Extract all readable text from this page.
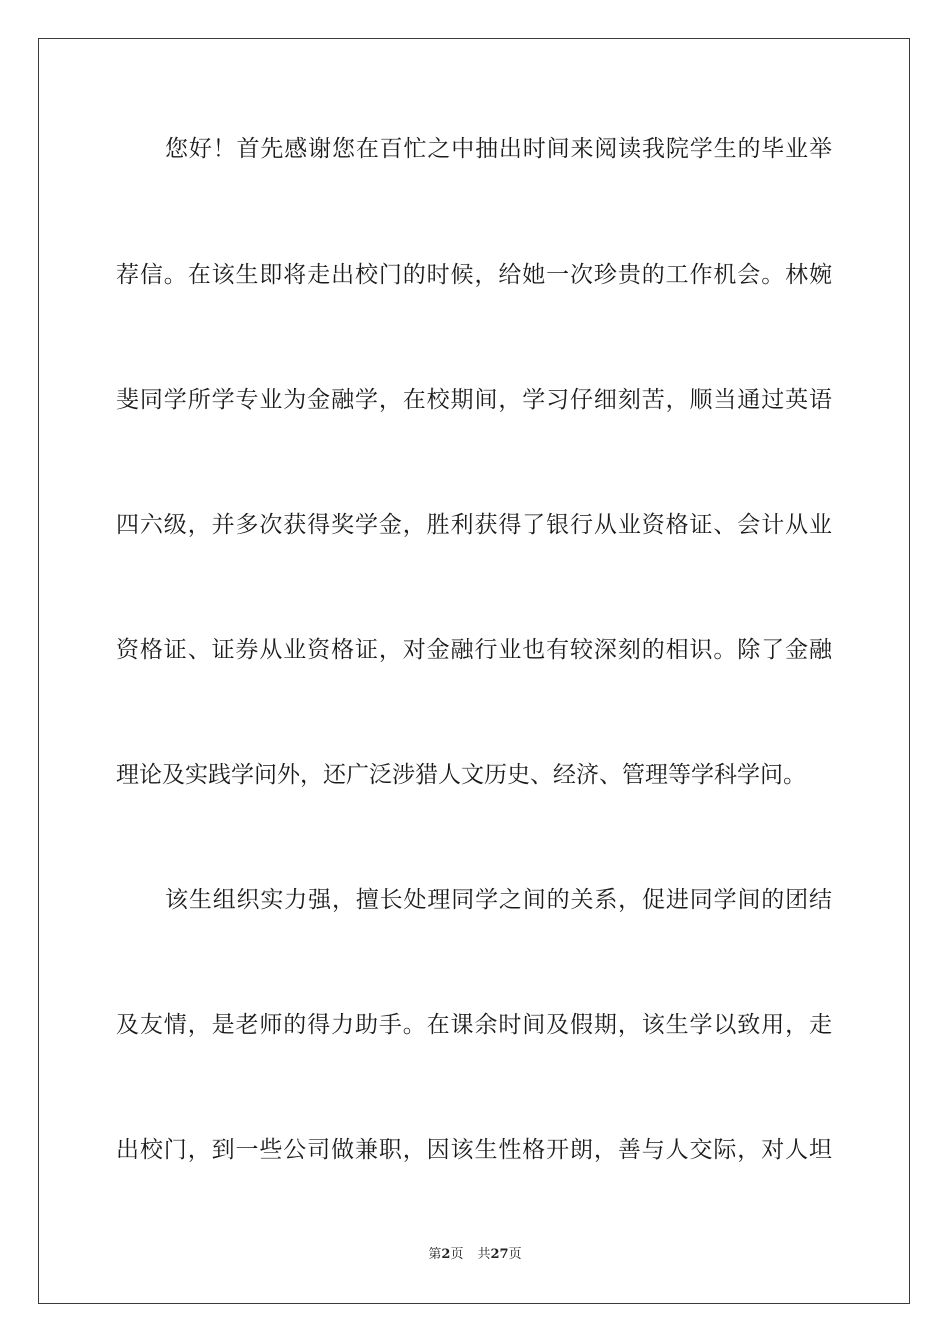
您好！首先感谢您在百忙之中抽出时间来阅读我院学生的毕业举
荐信。在该生即将走出校门的时候，给她一次珍贵的工作机会。林婉
斐同学所学专业为金融学，在校期间，学习仔细刻苦，顺当通过英语
四六级，并多次获得奖学金，胜利获得了银行从业资格证、会计从业
资格证、证券从业资格证，对金融行业也有较深刻的相识。除了金融
理论及实践学问外，还广泛涉猎人文历史、经济、管理等学科学问。
该生组织实力强，擅长处理同学之间的关系，促进同学间的团结
及友情，是老师的得力助手。在课余时间及假期，该生学以致用，走
出校门，到一些公司做兼职，因该生性格开朗，善与人交际，对人坦
第2页 共27页
